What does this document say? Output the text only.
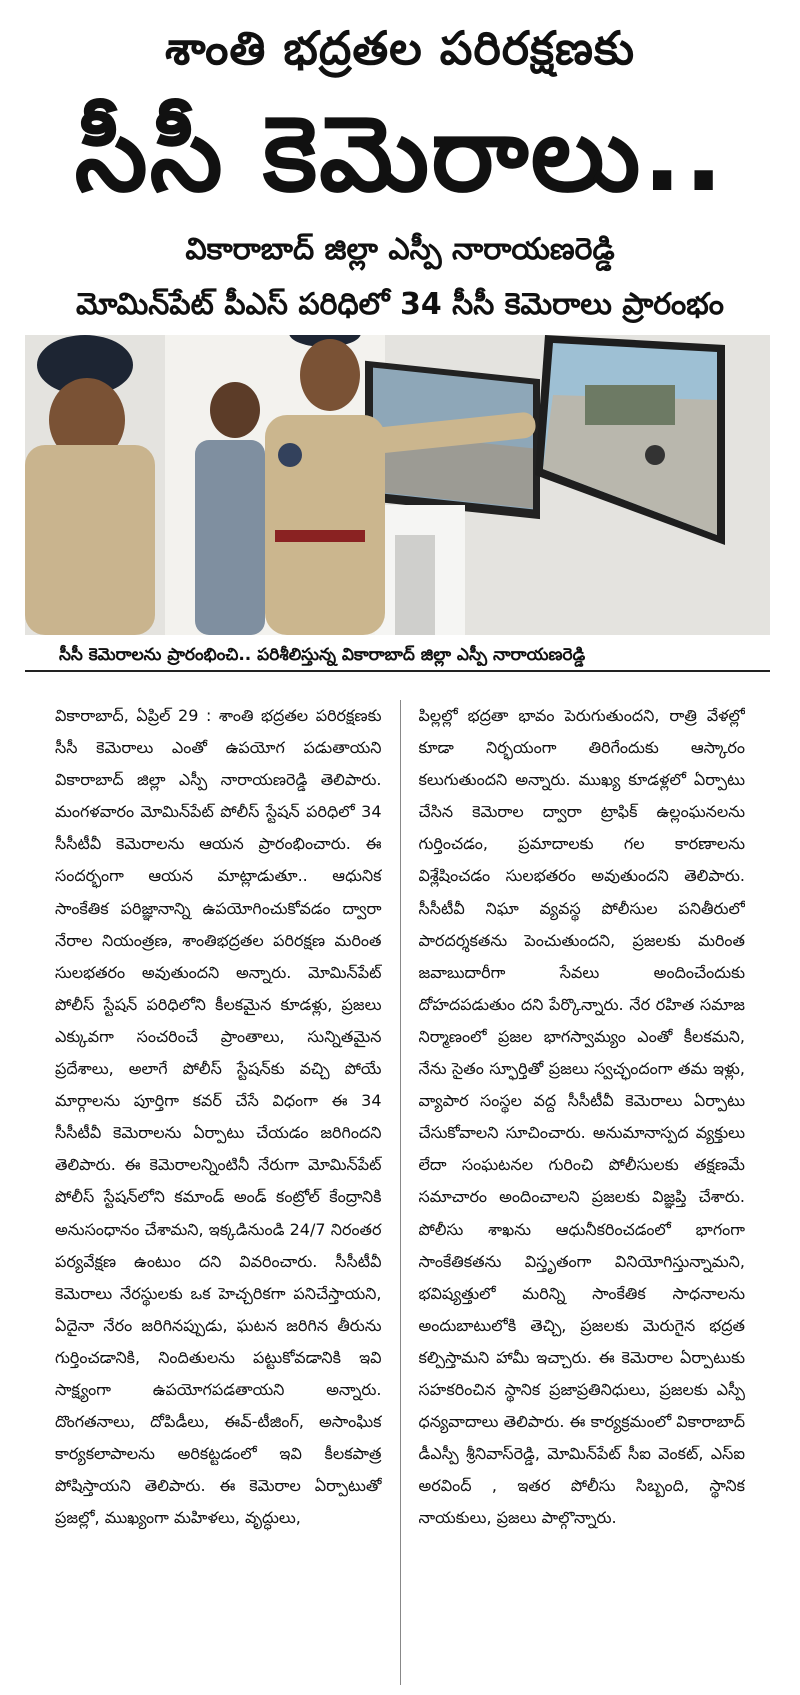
శాంతి భద్రతల పరిరక్షణకు
సీసీ కెమెరాలు..
వికారాబాద్ జిల్లా ఎస్పీ నారాయణరెడ్డి
మోమిన్‌పేట్ పీఎస్ పరిధిలో 34 సీసీ కెమెరాలు ప్రారంభం
సీసీ కెమెరాలను ప్రారంభించి.. పరిశీలిస్తున్న వికారాబాద్ జిల్లా ఎస్పీ నారాయణరెడ్డి

వికారాబాద్, ఏప్రిల్ 29 : శాంతి భద్రతల పరిరక్షణకు సీసీ కెమెరాలు ఎంతో ఉపయోగ పడుతాయని వికారాబాద్ జిల్లా ఎస్పీ నారాయణరెడ్డి తెలిపారు. మంగళవారం మోమిన్‌పేట్ పోలీస్ స్టేషన్ పరిధిలో 34 సీసీటీవీ కెమెరాలను ఆయన ప్రారంభించారు. ఈ సందర్భంగా ఆయన మాట్లాడుతూ.. ఆధునిక సాంకేతిక పరిజ్ఞానాన్ని ఉపయోగించుకోవడం ద్వారా నేరాల నియంత్రణ, శాంతిభద్రతల పరిరక్షణ మరింత సులభతరం అవుతుందని అన్నారు. మోమిన్‌పేట్ పోలీస్ స్టేషన్ పరిధిలోని కీలకమైన కూడళ్లు, ప్రజలు ఎక్కువగా సంచరించే ప్రాంతాలు, సున్నితమైన ప్రదేశాలు, అలాగే పోలీస్ స్టేషన్‌కు వచ్చి పోయే మార్గాలను పూర్తిగా కవర్ చేసే విధంగా ఈ 34 సీసీటీవీ కెమెరాలను ఏర్పాటు చేయడం జరిగిందని తెలిపారు. ఈ కెమెరాలన్నింటినీ నేరుగా మోమిన్‌పేట్ పోలీస్ స్టేషన్‌లోని కమాండ్ అండ్ కంట్రోల్ కేంద్రానికి అనుసంధానం చేశామని, ఇక్కడినుండి 24/7 నిరంతర పర్యవేక్షణ ఉంటుం దని వివరించారు. సీసీటీవీ కెమెరాలు నేరస్థులకు ఒక హెచ్చరికగా పనిచేస్తాయని, ఏదైనా నేరం జరిగినప్పుడు, ఘటన జరిగిన తీరును గుర్తించడానికి, నిందితులను పట్టుకోవడానికి ఇవి సాక్ష్యంగా ఉపయోగపడతాయని అన్నారు. దొంగతనాలు, దోపిడీలు, ఈవ్-టీజింగ్, అసాంఘిక కార్యకలాపాలను అరికట్టడంలో ఇవి కీలకపాత్ర పోషిస్తాయని తెలిపారు. ఈ కెమెరాల ఏర్పాటుతో ప్రజల్లో, ముఖ్యంగా మహిళలు, వృద్ధులు,

పిల్లల్లో భద్రతా భావం పెరుగుతుందని, రాత్రి వేళల్లో కూడా నిర్భయంగా తిరిగేందుకు ఆస్కారం కలుగుతుందని అన్నారు. ముఖ్య కూడళ్లలో ఏర్పాటు చేసిన కెమెరాల ద్వారా ట్రాఫిక్ ఉల్లంఘనలను గుర్తించడం, ప్రమాదాలకు గల కారణాలను విశ్లేషించడం సులభతరం అవుతుందని తెలిపారు. సీసీటీవీ నిఘా వ్యవస్థ పోలీసుల పనితీరులో పారదర్శకతను పెంచుతుందని, ప్రజలకు మరింత జవాబుదారీగా సేవలు అందించేందుకు దోహదపడుతుం దని పేర్కొన్నారు. నేర రహిత సమాజ నిర్మాణంలో ప్రజల భాగస్వామ్యం ఎంతో కీలకమని, నేను సైతం స్ఫూర్తితో ప్రజలు స్వచ్ఛందంగా తమ ఇళ్లు, వ్యాపార సంస్థల వద్ద సీసీటీవీ కెమెరాలు ఏర్పాటు చేసుకోవాలని సూచించారు. అనుమానాస్పద వ్యక్తులు లేదా సంఘటనల గురించి పోలీసులకు తక్షణమే సమాచారం అందించాలని ప్రజలకు విజ్ఞప్తి చేశారు. పోలీసు శాఖను ఆధునీకరించడంలో భాగంగా సాంకేతికతను విస్తృతంగా వినియోగిస్తున్నామని, భవిష్యత్తులో మరిన్ని సాంకేతిక సాధనాలను అందుబాటులోకి తెచ్చి, ప్రజలకు మెరుగైన భద్రత కల్పిస్తామని హామీ ఇచ్చారు. ఈ కెమెరాల ఏర్పాటుకు సహకరించిన స్థానిక ప్రజాప్రతినిధులు, ప్రజలకు ఎస్పీ ధన్యవాదాలు తెలిపారు. ఈ కార్యక్రమంలో వికారాబాద్ డీఎస్పీ శ్రీనివాస్‌రెడ్డి, మోమిన్‌పేట్ సీఐ వెంకట్, ఎస్ఐ అరవింద్ , ఇతర పోలీసు సిబ్బంది, స్థానిక నాయకులు, ప్రజలు పాల్గొన్నారు.
